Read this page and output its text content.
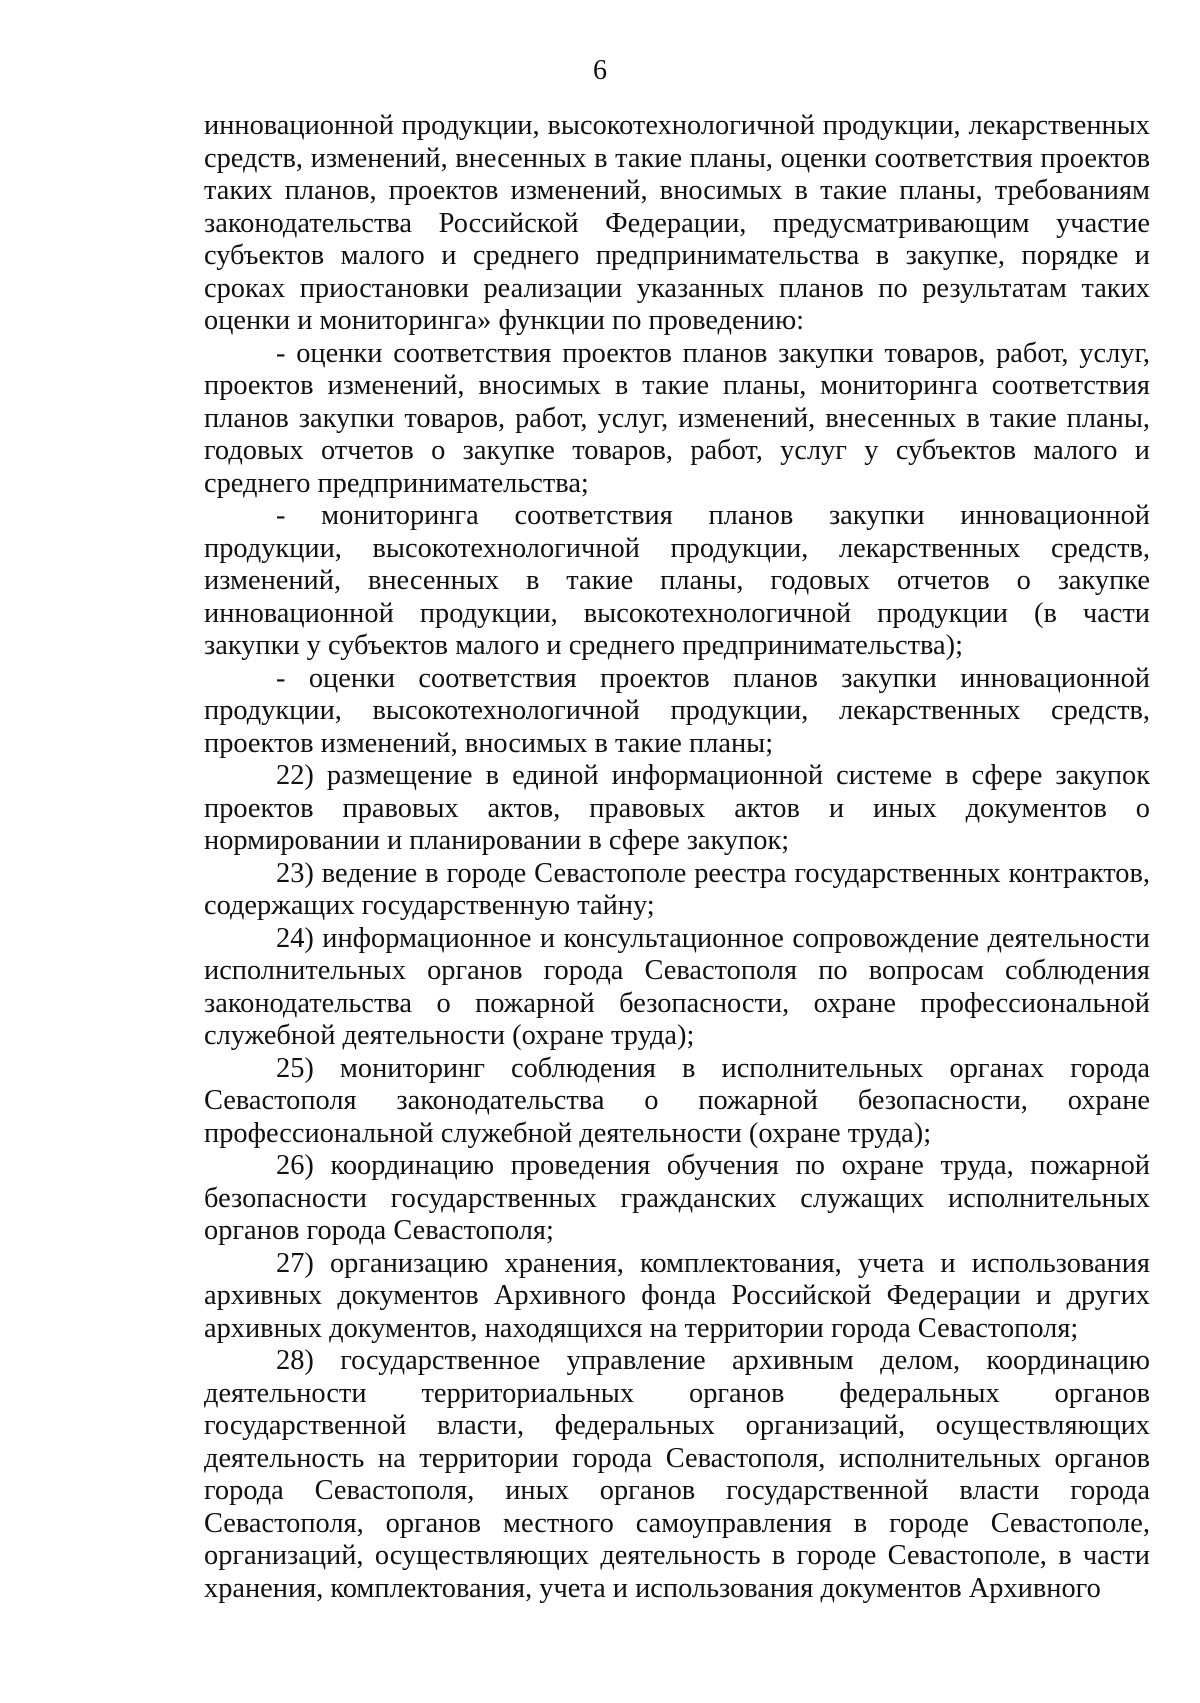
6

инновационной продукции, высокотехнологичной продукции, лекарственных средств, изменений, внесенных в такие планы, оценки соответствия проектов таких планов, проектов изменений, вносимых в такие планы, требованиям законодательства Российской Федерации, предусматривающим участие субъектов малого и среднего предпринимательства в закупке, порядке и сроках приостановки реализации указанных планов по результатам таких оценки и мониторинга» функции по проведению:

- оценки соответствия проектов планов закупки товаров, работ, услуг, проектов изменений, вносимых в такие планы, мониторинга соответствия планов закупки товаров, работ, услуг, изменений, внесенных в такие планы, годовых отчетов о закупке товаров, работ, услуг у субъектов малого и среднего предпринимательства;

- мониторинга соответствия планов закупки инновационной продукции, высокотехнологичной продукции, лекарственных средств, изменений, внесенных в такие планы, годовых отчетов о закупке инновационной продукции, высокотехнологичной продукции (в части закупки у субъектов малого и среднего предпринимательства);

- оценки соответствия проектов планов закупки инновационной продукции, высокотехнологичной продукции, лекарственных средств, проектов изменений, вносимых в такие планы;

22) размещение в единой информационной системе в сфере закупок проектов правовых актов, правовых актов и иных документов о нормировании и планировании в сфере закупок;

23) ведение в городе Севастополе реестра государственных контрактов, содержащих государственную тайну;

24) информационное и консультационное сопровождение деятельности исполнительных органов города Севастополя по вопросам соблюдения законодательства о пожарной безопасности, охране профессиональной служебной деятельности (охране труда);

25) мониторинг соблюдения в исполнительных органах города Севастополя законодательства о пожарной безопасности, охране профессиональной служебной деятельности (охране труда);

26) координацию проведения обучения по охране труда, пожарной безопасности государственных гражданских служащих исполнительных органов города Севастополя;

27) организацию хранения, комплектования, учета и использования архивных документов Архивного фонда Российской Федерации и других архивных документов, находящихся на территории города Севастополя;

28) государственное управление архивным делом, координацию деятельности территориальных органов федеральных органов государственной власти, федеральных организаций, осуществляющих деятельность на территории города Севастополя, исполнительных органов города Севастополя, иных органов государственной власти города Севастополя, органов местного самоуправления в городе Севастополе, организаций, осуществляющих деятельность в городе Севастополе, в части хранения, комплектования, учета и использования документов Архивного
